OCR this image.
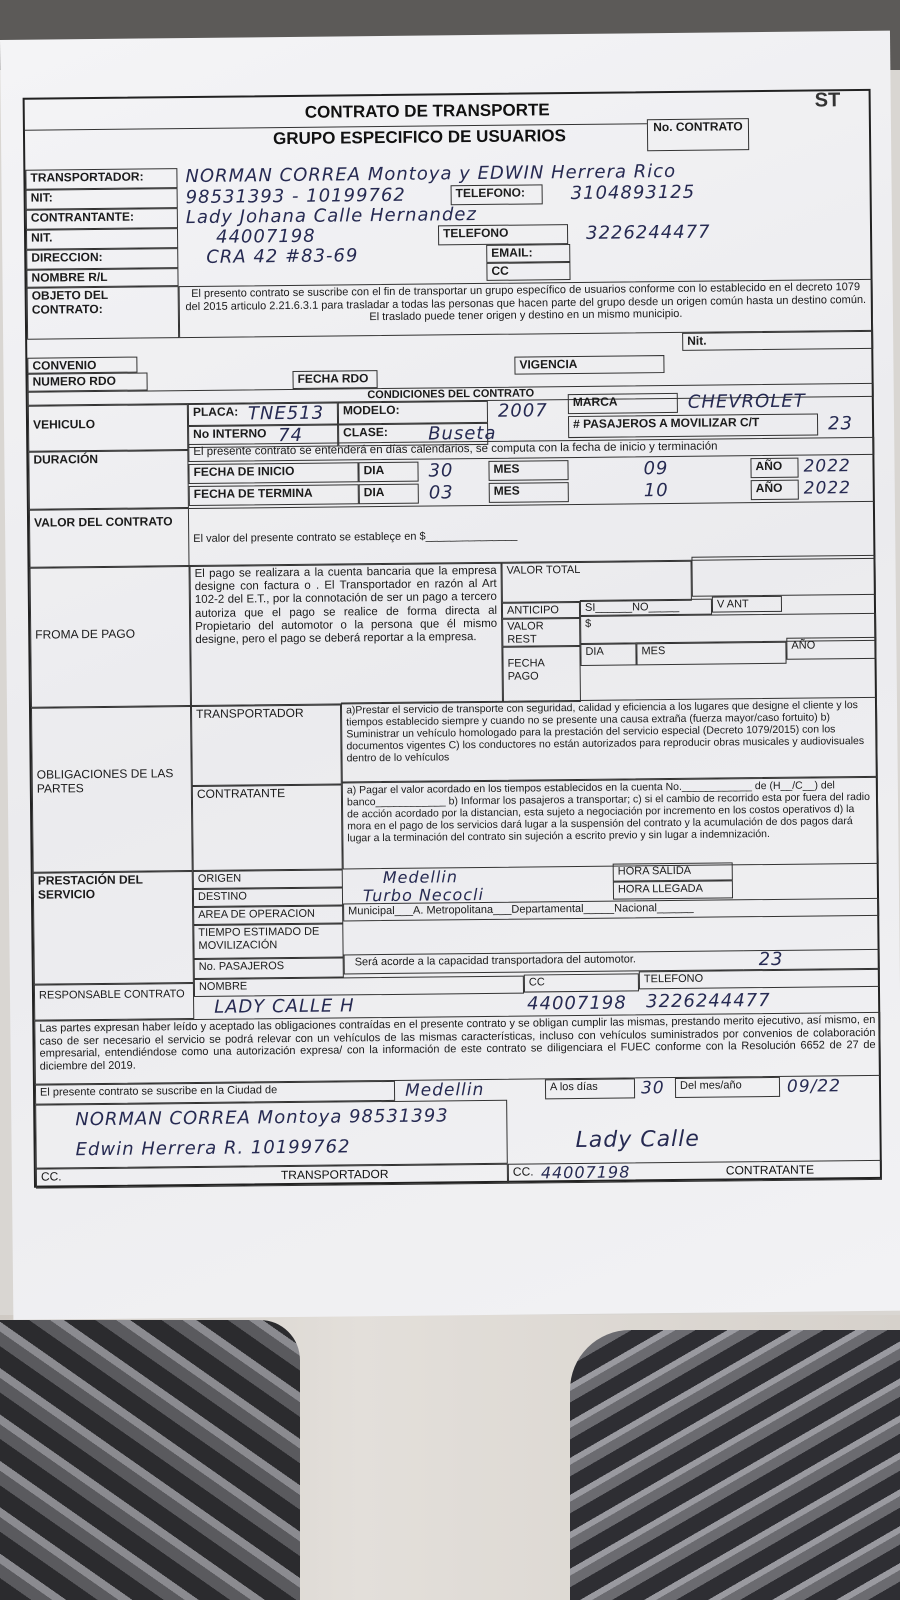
ST
CONTRATO DE TRANSPORTE
GRUPO ESPECIFICO DE USUARIOS	No. CONTRATO
TRANSPORTADOR:	NORMAN CORREA Montoya y EDWIN Herrera Rico
NIT:	98531393 - 10199762	TELEFONO:	3104893125
CONTRANTANTE:	Lady Johana Calle Hernandez
NIT.	44007198	TELEFONO	3226244477
DIRECCION:	CRA 42 #83-69	EMAIL:
CC
NOMBRE R/L
OBJETO DEL CONTRATO:
El presento contrato se suscribe con el fin de transportar un grupo específico de usuarios conforme con lo establecido en el decreto 1079 del 2015 articulo 2.21.6.3.1 para trasladar a todas las personas que hacen parte del grupo desde un origen común hasta un destino común. El traslado puede tener origen y destino en un mismo municipio.
Nit.
CONVENIO
NUMERO RDO	FECHA RDO
VIGENCIA
CONDICIONES DEL CONTRATO
VEHICULO
PLACA: TNE513	MODELO:	2007	MARCA	CHEVROLET
No INTERNO 74	CLASE:	Buseta	# PASAJEROS A MOVILIZAR C/T	23
DURACIÓN
El presente contrato se entenderá en días calendarios, se computa con la fecha de inicio y terminación
FECHA DE INICIO	DIA	30	MES	09	AÑO	2022
FECHA DE TERMINA	DIA	03	MES	10	AÑO	2022
VALOR DEL CONTRATO
El valor del presente contrato se estableçe en $_______________
FROMA DE PAGO
El pago se realizara a la cuenta bancaria que la empresa designe con factura o . El Transportador en razón al Art 102-2 del E.T., por la connotación de ser un pago a tercero autoriza que el pago se realice de forma directa al Propietario del automotor o la persona que él mismo designe, pero el pago se deberá reportar a la empresa.
VALOR TOTAL
ANTICIPO	SI______NO_____	V ANT
VALOR REST
$
FECHA PAGO
DIA	MES	AÑO
OBLIGACIONES DE LAS PARTES
TRANSPORTADOR	a)Prestar el servicio de transporte con seguridad, calidad y eficiencia a los lugares que designe el cliente y los tiempos establecido siempre y cuando no se presente una causa extraña (fuerza mayor/caso fortuito) b) Suministrar un vehículo homologado para la prestación del servicio especial (Decreto 1079/2015) con los documentos vigentes C) los conductores no están autorizados para reproducir obras musicales y audiovisuales dentro de lo vehículos
CONTRATANTE	a) Pagar el valor acordado en los tiempos establecidos en la cuenta No.____________ de (H__/C__) del banco____________ b) Informar los pasajeros a transportar; c) si el cambio de recorrido esta por fuera del radio de acción acordado por la distancian, esta sujeto a negociación por incremento en los costos operativos d) la mora en el pago de los servicios dará lugar a la suspensión del contrato y la acumulación de dos pagos dará lugar a la terminación del contrato sin sujeción a escrito previo y sin lugar a indemnización.
PRESTACIÓN DEL SERVICIO
ORIGEN	Medellin	HORA SALIDA
DESTINO	Turbo Necocli	HORA LLEGADA
AREA DE OPERACION	Municipal___A. Metropolitana___Departamental_____Nacional______
TIEMPO ESTIMADO DE MOVILIZACIÓN
No. PASAJEROS	Será acorde a la capacidad transportadora del automotor.	23
RESPONSABLE CONTRATO
NOMBRE	CC	TELEFONO
LADY CALLE H	44007198 3226244477
Las partes expresan haber leído y aceptado las obligaciones contraídas en el presente contrato y se obligan cumplir las mismas, prestando merito ejecutivo, así mismo, en caso de ser necesario el servicio se podrá relevar con un vehículos de las mismas características, incluso con vehículos suministrados por convenios de colaboración empresarial, entendiéndose como una autorización expresa/ con la información de este contrato se diligenciara el FUEC conforme con la Resolución 6652 de 27 de diciembre del 2019.
El presente contrato se suscribe en la Ciudad de	Medellin	A los días	30	Del mes/año	09/22
NORMAN CORREA Montoya 98531393
Edwin Herrera R. 10199762	Lady Calle
CC.	TRANSPORTADOR	CC. 44007198	CONTRATANTE
